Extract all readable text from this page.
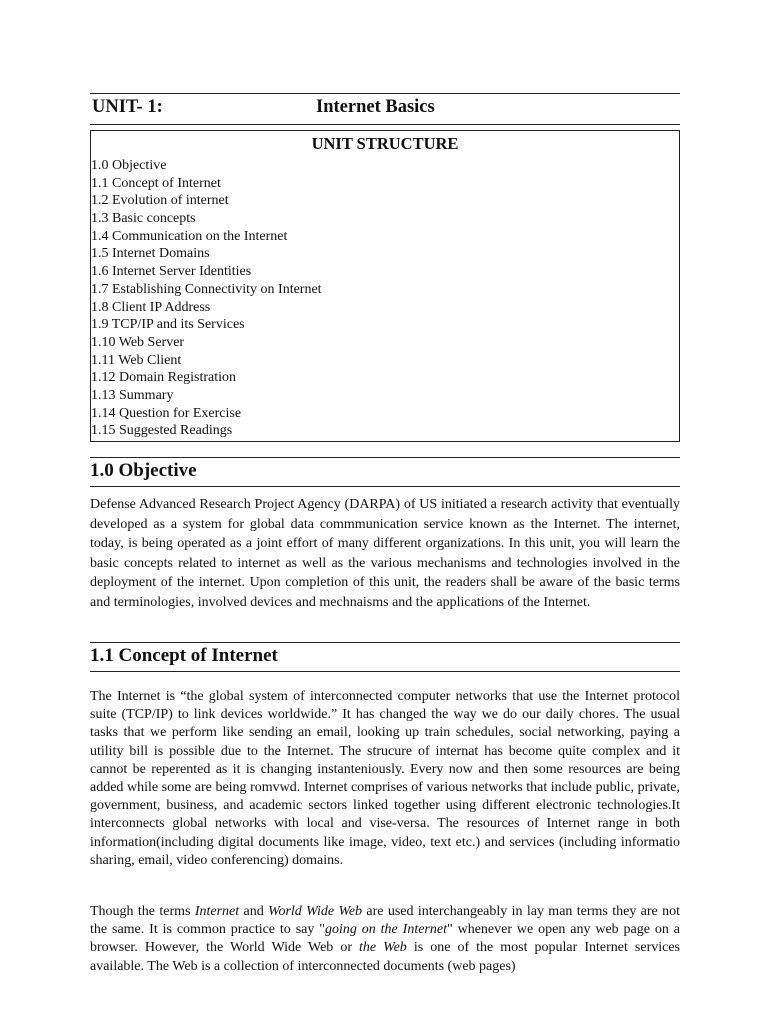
UNIT- 1:	Internet Basics
UNIT STRUCTURE
1.0 Objective
1.1 Concept of Internet
1.2 Evolution of internet
1.3 Basic concepts
1.4 Communication on the Internet
1.5 Internet Domains
1.6 Internet Server Identities
1.7 Establishing Connectivity on Internet
1.8 Client IP Address
1.9 TCP/IP and its Services
1.10 Web Server
1.11 Web Client
1.12 Domain Registration
1.13 Summary
1.14 Question for Exercise
1.15 Suggested Readings
1.0 Objective

Defense Advanced Research Project Agency (DARPA) of US initiated a research activity that eventually developed as a system for global data commmunication service known as the Internet. The internet, today, is being operated as a joint effort of many different organizations. In this unit, you will learn the basic concepts related to internet as well as the various mechanisms and technologies involved in the deployment of the internet. Upon completion of this unit, the readers shall be aware of the basic terms and terminologies, involved devices and mechnaisms and the applications of the Internet.

1.1 Concept of Internet

The Internet is “the global system of interconnected computer networks that use the Internet protocol suite (TCP/IP) to link devices worldwide.” It has changed the way we do our daily chores. The usual tasks that we perform like sending an email, looking up train schedules, social networking, paying a utility bill is possible due to the Internet. The strucure of internat has become quite complex and it cannot be reperented as it is changing instanteniously. Every now and then some resources are being added while some are being romvwd. Internet comprises of various networks that include public, private, government, business, and academic sectors linked together using different electronic technologies.It interconnects global networks with local and vise-versa. The resources of Internet range in both information(including digital documents like image, video, text etc.) and services (including informatio sharing, email, video conferencing) domains.

Though the terms Internet and World Wide Web are used interchangeably in lay man terms they are not the same. It is common practice to say "going on the Internet" whenever we open any web page on a browser. However, the World Wide Web or the Web is one of the most popular Internet services available. The Web is a collection of interconnected documents (web pages)
